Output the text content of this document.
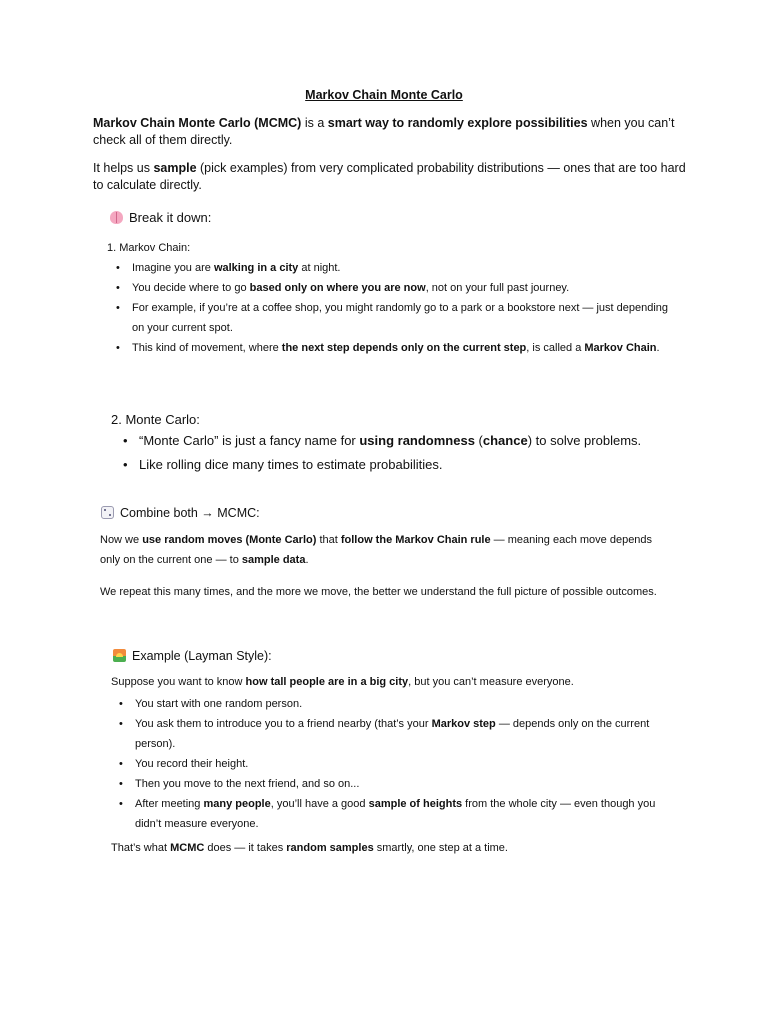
Markov Chain Monte Carlo
Markov Chain Monte Carlo (MCMC) is a smart way to randomly explore possibilities when you can’t check all of them directly.
It helps us sample (pick examples) from very complicated probability distributions — ones that are too hard to calculate directly.
Break it down:
1. Markov Chain:
• Imagine you are walking in a city at night.
• You decide where to go based only on where you are now, not on your full past journey.
• For example, if you’re at a coffee shop, you might randomly go to a park or a bookstore next — just depending on your current spot.
• This kind of movement, where the next step depends only on the current step, is called a Markov Chain.
2. Monte Carlo:
• “Monte Carlo” is just a fancy name for using randomness (chance) to solve problems.
• Like rolling dice many times to estimate probabilities.
Combine both → MCMC:
Now we use random moves (Monte Carlo) that follow the Markov Chain rule — meaning each move depends only on the current one — to sample data.
We repeat this many times, and the more we move, the better we understand the full picture of possible outcomes.
Example (Layman Style):
Suppose you want to know how tall people are in a big city, but you can’t measure everyone.
• You start with one random person.
• You ask them to introduce you to a friend nearby (that’s your Markov step — depends only on the current person).
• You record their height.
• Then you move to the next friend, and so on...
• After meeting many people, you’ll have a good sample of heights from the whole city — even though you didn’t measure everyone.
That’s what MCMC does — it takes random samples smartly, one step at a time.
